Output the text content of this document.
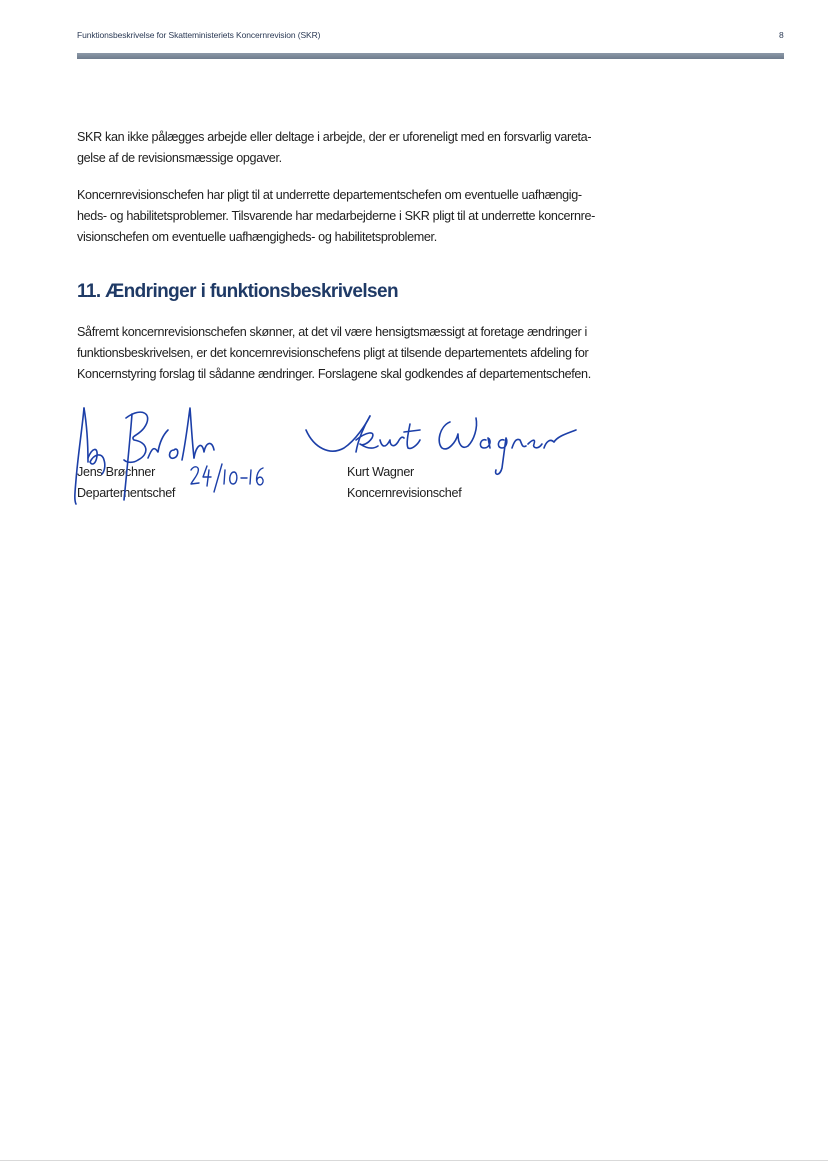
Funktionsbeskrivelse for Skatteministeriets Koncernrevision (SKR)	8
SKR kan ikke pålægges arbejde eller deltage i arbejde, der er uforeneligt med en forsvarlig vareta-
gelse af de revisionsmæssige opgaver.
Koncernrevisionschefen har pligt til at underrette departementschefen om eventuelle uafhængig-
heds- og habilitetsproblemer. Tilsvarende har medarbejderne i SKR pligt til at underrette koncernre-
visionschefen om eventuelle uafhængigheds- og habilitetsproblemer.
11. Ændringer i funktionsbeskrivelsen
Såfremt koncernrevisionschefen skønner, at det vil være hensigtsmæssigt at foretage ændringer i
funktionsbeskrivelsen, er det koncernrevisionschefens pligt at tilsende departementets afdeling for
Koncernstyring forslag til sådanne ændringer. Forslagene skal godkendes af departementschefen.
Jens Brøchner
Departementschef
Kurt Wagner
Koncernrevisionschef
